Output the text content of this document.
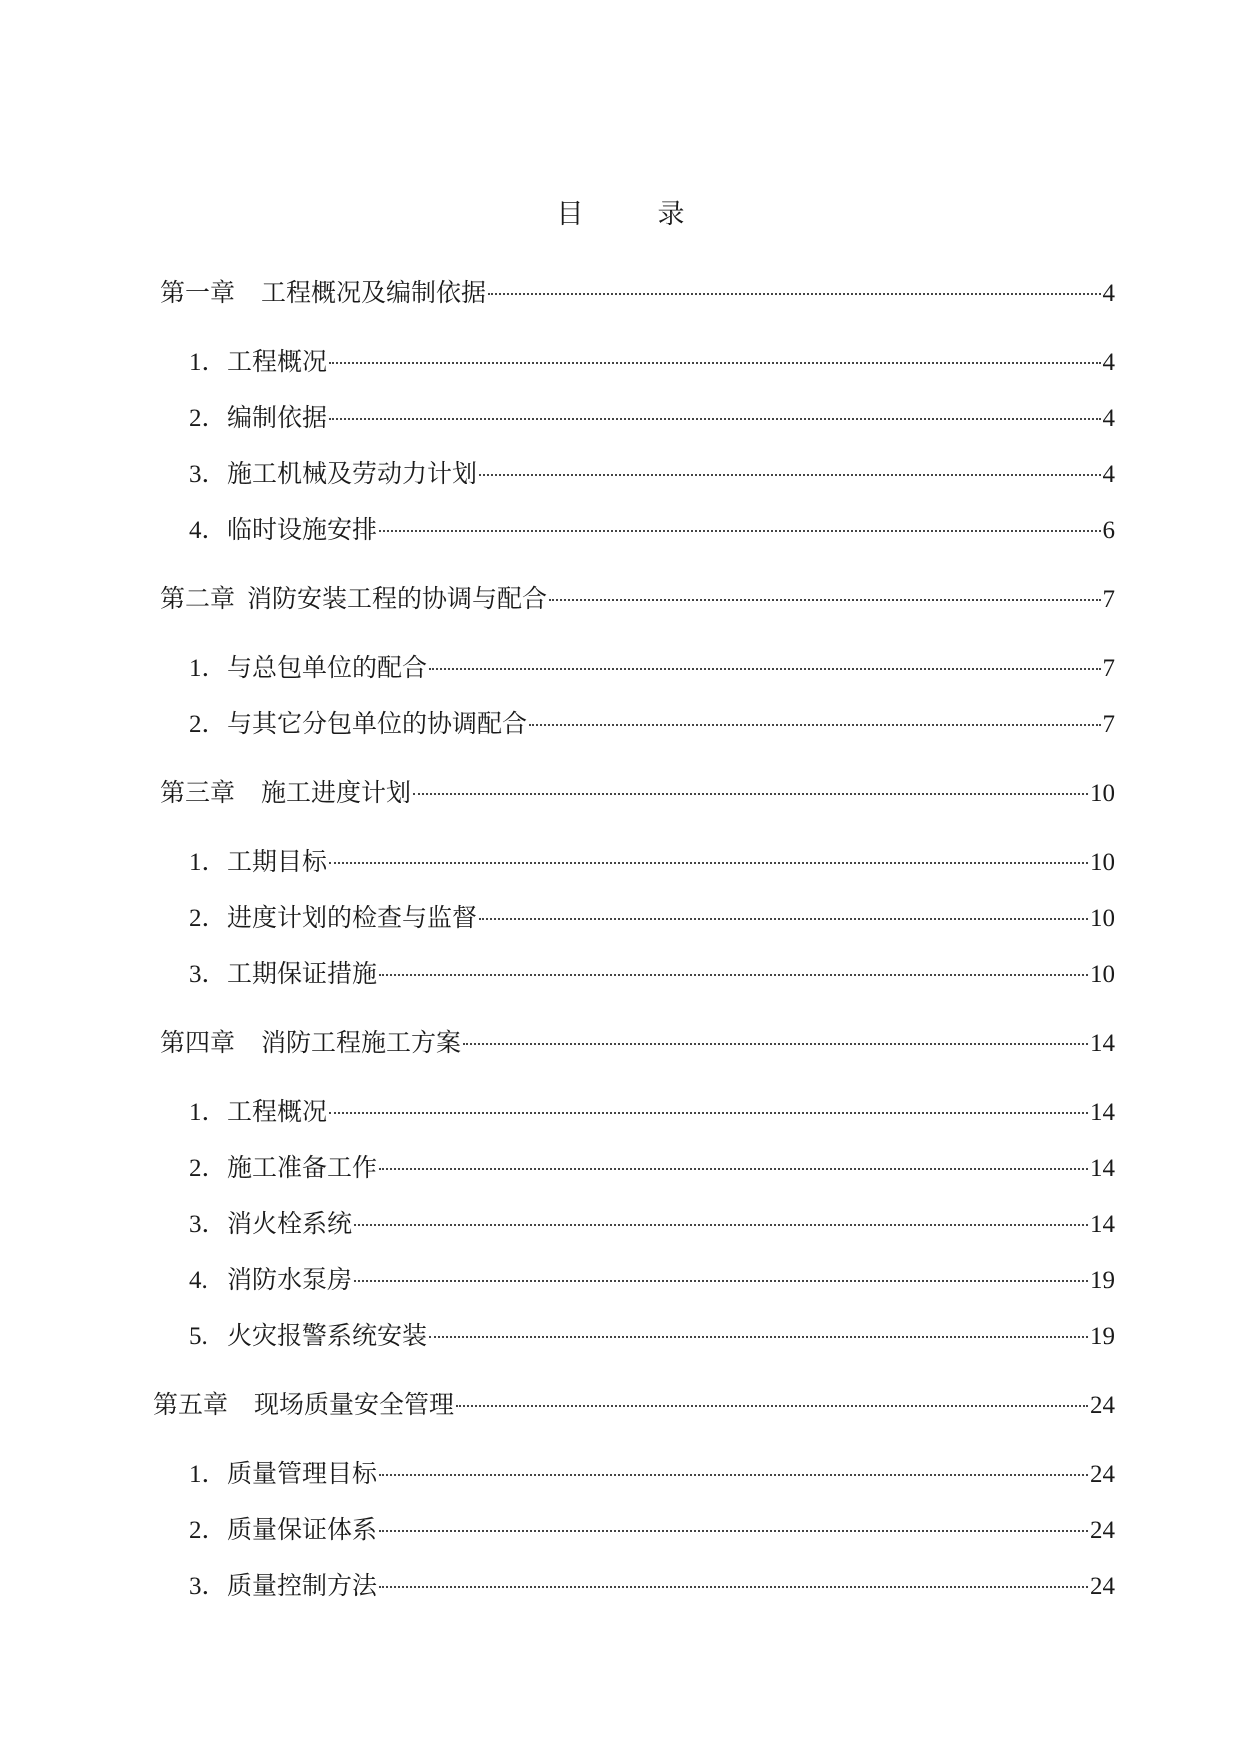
目	录
第一章 工程概况及编制依据	4
1．工程概况	4
2．编制依据	4
3．施工机械及劳动力计划	4
4．临时设施安排	6
第二章 消防安装工程的协调与配合	7
1．与总包单位的配合	7
2．与其它分包单位的协调配合	7
第三章 施工进度计划	10
1．工期目标	10
2．进度计划的检查与监督	10
3．工期保证措施	10
第四章 消防工程施工方案	14
1．工程概况	14
2．施工准备工作	14
3．消火栓系统	14
4. 消防水泵房	19
5. 火灾报警系统安装	19
第五章 现场质量安全管理	24
1．质量管理目标	24
2．质量保证体系	24
3．质量控制方法	24
